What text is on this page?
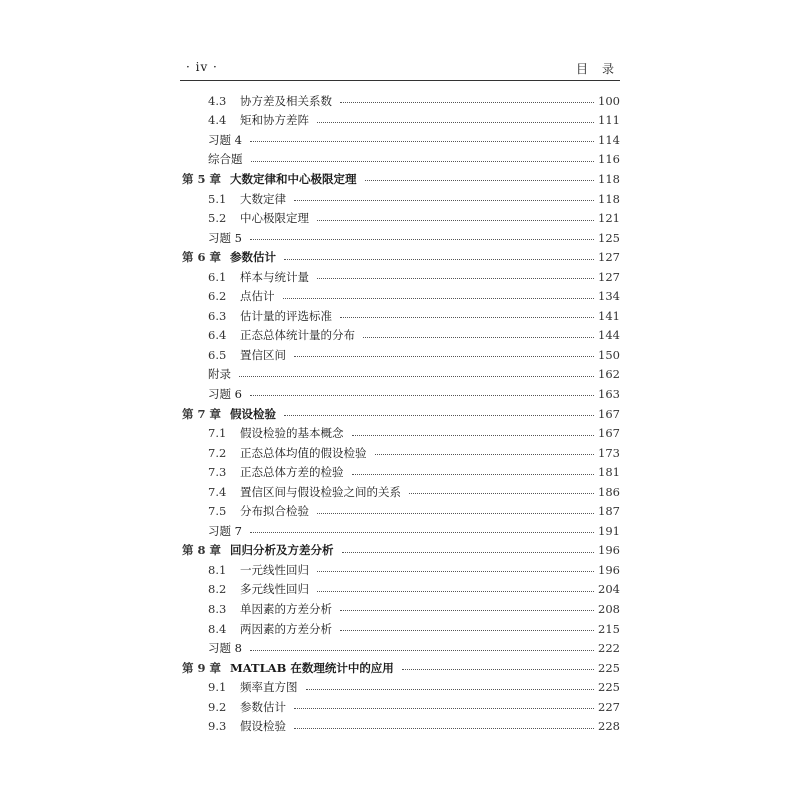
· iv ·	目录
4.3	协方差及相关系数	100
4.4	矩和协方差阵	111
习题 4	114
综合题	116
第 5 章 大数定律和中心极限定理	118
5.1	大数定律	118
5.2	中心极限定理	121
习题 5	125
第 6 章 参数估计	127
6.1	样本与统计量	127
6.2	点估计	134
6.3	估计量的评选标准	141
6.4	正态总体统计量的分布	144
6.5	置信区间	150
附录	162
习题 6	163
第 7 章 假设检验	167
7.1	假设检验的基本概念	167
7.2	正态总体均值的假设检验	173
7.3	正态总体方差的检验	181
7.4	置信区间与假设检验之间的关系	186
7.5	分布拟合检验	187
习题 7	191
第 8 章 回归分析及方差分析	196
8.1	一元线性回归	196
8.2	多元线性回归	204
8.3	单因素的方差分析	208
8.4	两因素的方差分析	215
习题 8	222
第 9 章 MATLAB 在数理统计中的应用	225
9.1	频率直方图	225
9.2	参数估计	227
9.3	假设检验	228
